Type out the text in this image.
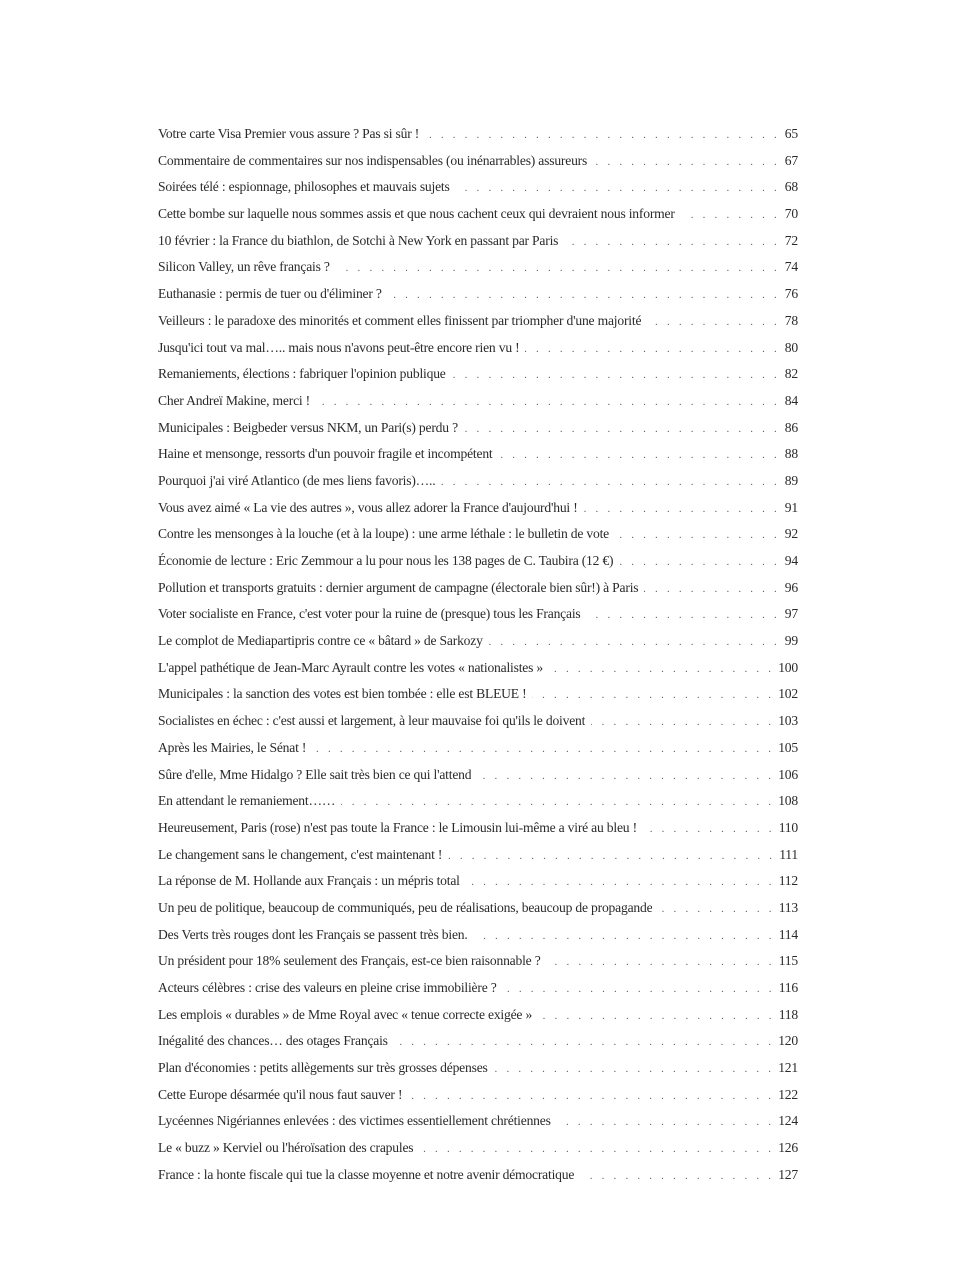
Votre carte Visa Premier vous assure ? Pas si sûr ! . . .	65
Commentaire de commentaires sur nos indispensables (ou inénarrables) assureurs . . .	67
Soirées télé : espionnage, philosophes et mauvais sujets . . .	68
Cette bombe sur laquelle nous sommes assis et que nous cachent ceux qui devraient nous informer . . .	70
10 février : la France du biathlon, de Sotchi à New York en passant par Paris . . .	72
Silicon Valley, un rêve français ? . . .	74
Euthanasie : permis de tuer ou d'éliminer ? . . .	76
Veilleurs : le paradoxe des minorités et comment elles finissent par triompher d'une majorité . . .	78
Jusqu'ici tout va mal….. mais nous n'avons peut-être encore rien vu ! . . .	80
Remaniements, élections : fabriquer l'opinion publique . . .	82
Cher Andreï Makine, merci ! . . .	84
Municipales : Beigbeder versus NKM, un Pari(s) perdu ? . . .	86
Haine et mensonge, ressorts d'un pouvoir fragile et incompétent . . .	88
Pourquoi j'ai viré Atlantico (de mes liens favoris)….. . . .	89
Vous avez aimé « La vie des autres », vous allez adorer la France d'aujourd'hui ! . . .	91
Contre les mensonges à la louche (et à la loupe) : une arme léthale : le bulletin de vote . . .	92
Économie de lecture : Eric Zemmour a lu pour nous les 138 pages de C. Taubira (12 €) . . .	94
Pollution et transports gratuits : dernier argument de campagne (électorale bien sûr!) à Paris . . .	96
Voter socialiste en France, c'est voter pour la ruine de (presque) tous les Français . . .	97
Le complot de Mediapartipris contre ce « bâtard » de Sarkozy . . .	99
L'appel pathétique de Jean-Marc Ayrault contre les votes « nationalistes » . . .	100
Municipales : la sanction des votes est bien tombée : elle est BLEUE ! . . .	102
Socialistes en échec : c'est aussi et largement, à leur mauvaise foi qu'ils le doivent . . .	103
Après les Mairies, le Sénat ! . . .	105
Sûre d'elle, Mme Hidalgo ? Elle sait très bien ce qui l'attend . . .	106
En attendant le remaniement…… . . .	108
Heureusement, Paris (rose) n'est pas toute la France : le Limousin lui-même a viré au bleu ! . . .	110
Le changement sans le changement, c'est maintenant ! . . .	111
La réponse de M. Hollande aux Français : un mépris total . . .	112
Un peu de politique, beaucoup de communiqués, peu de réalisations, beaucoup de propagande . . .	113
Des Verts très rouges dont les Français se passent très bien. . . .	114
Un président pour 18% seulement des Français, est-ce bien raisonnable ? . . .	115
Acteurs célèbres : crise des valeurs en pleine crise immobilière ? . . .	116
Les emplois « durables » de Mme Royal avec « tenue correcte exigée » . . .	118
Inégalité des chances… des otages Français . . .	120
Plan d'économies : petits allègements sur très grosses dépenses . . .	121
Cette Europe désarmée qu'il nous faut sauver ! . . .	122
Lycéennes Nigériannes enlevées : des victimes essentiellement chrétiennes . . .	124
Le « buzz » Kerviel ou l'héroïsation des crapules . . .	126
France : la honte fiscale qui tue la classe moyenne et notre avenir démocratique . . .	127
